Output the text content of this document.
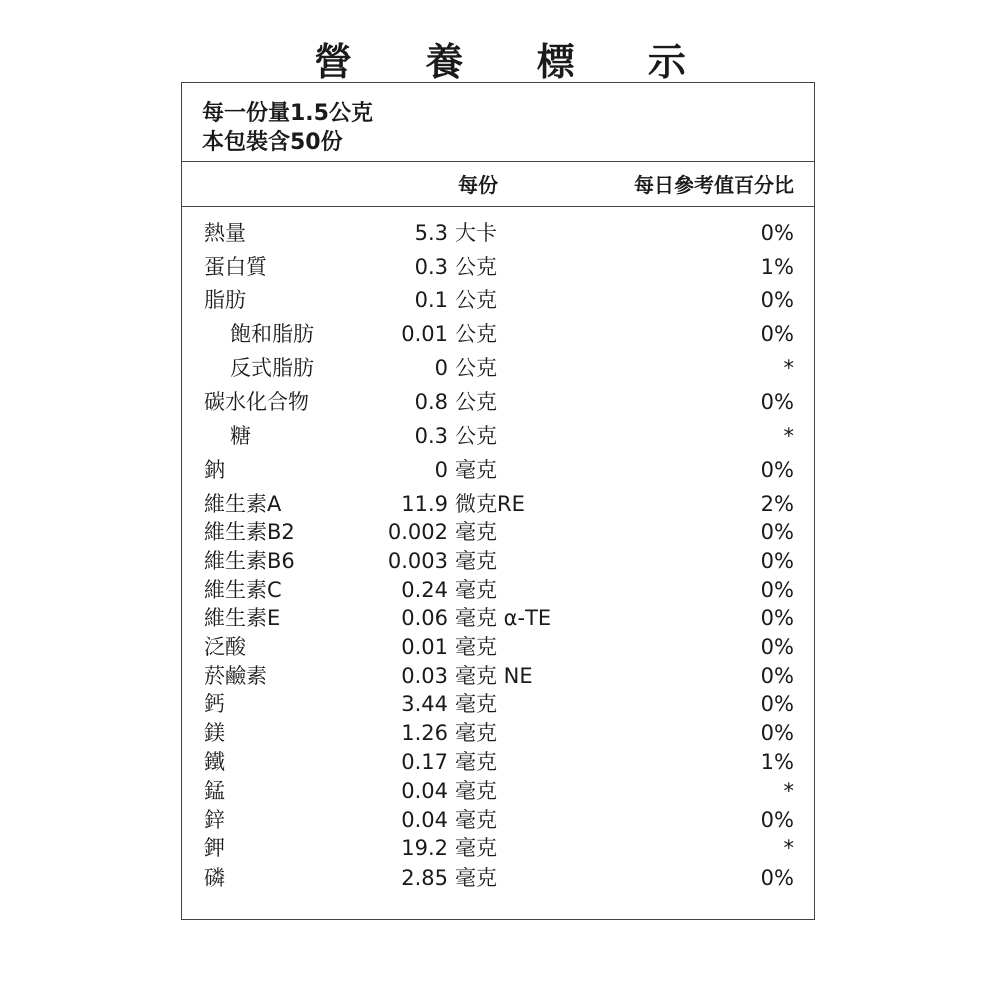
營 養 標 示
每一份量1.5公克
本包裝含50份
每份	每日參考值百分比
熱量	5.3 大卡	0%
蛋白質	0.3 公克	1%
脂肪	0.1 公克	0%
飽和脂肪	0.01 公克	0%
反式脂肪	0 公克	*
碳水化合物	0.8 公克	0%
糖	0.3 公克	*
鈉	0 毫克	0%
維生素A	11.9 微克RE	2%
維生素B2	0.002 毫克	0%
維生素B6	0.003 毫克	0%
維生素C	0.24 毫克	0%
維生素E	0.06 毫克 α-TE	0%
泛酸	0.01 毫克	0%
菸鹼素	0.03 毫克 NE	0%
鈣	3.44 毫克	0%
鎂	1.26 毫克	0%
鐵	0.17 毫克	1%
錳	0.04 毫克	*
鋅	0.04 毫克	0%
鉀	19.2 毫克	*
磷	2.85 毫克	0%
